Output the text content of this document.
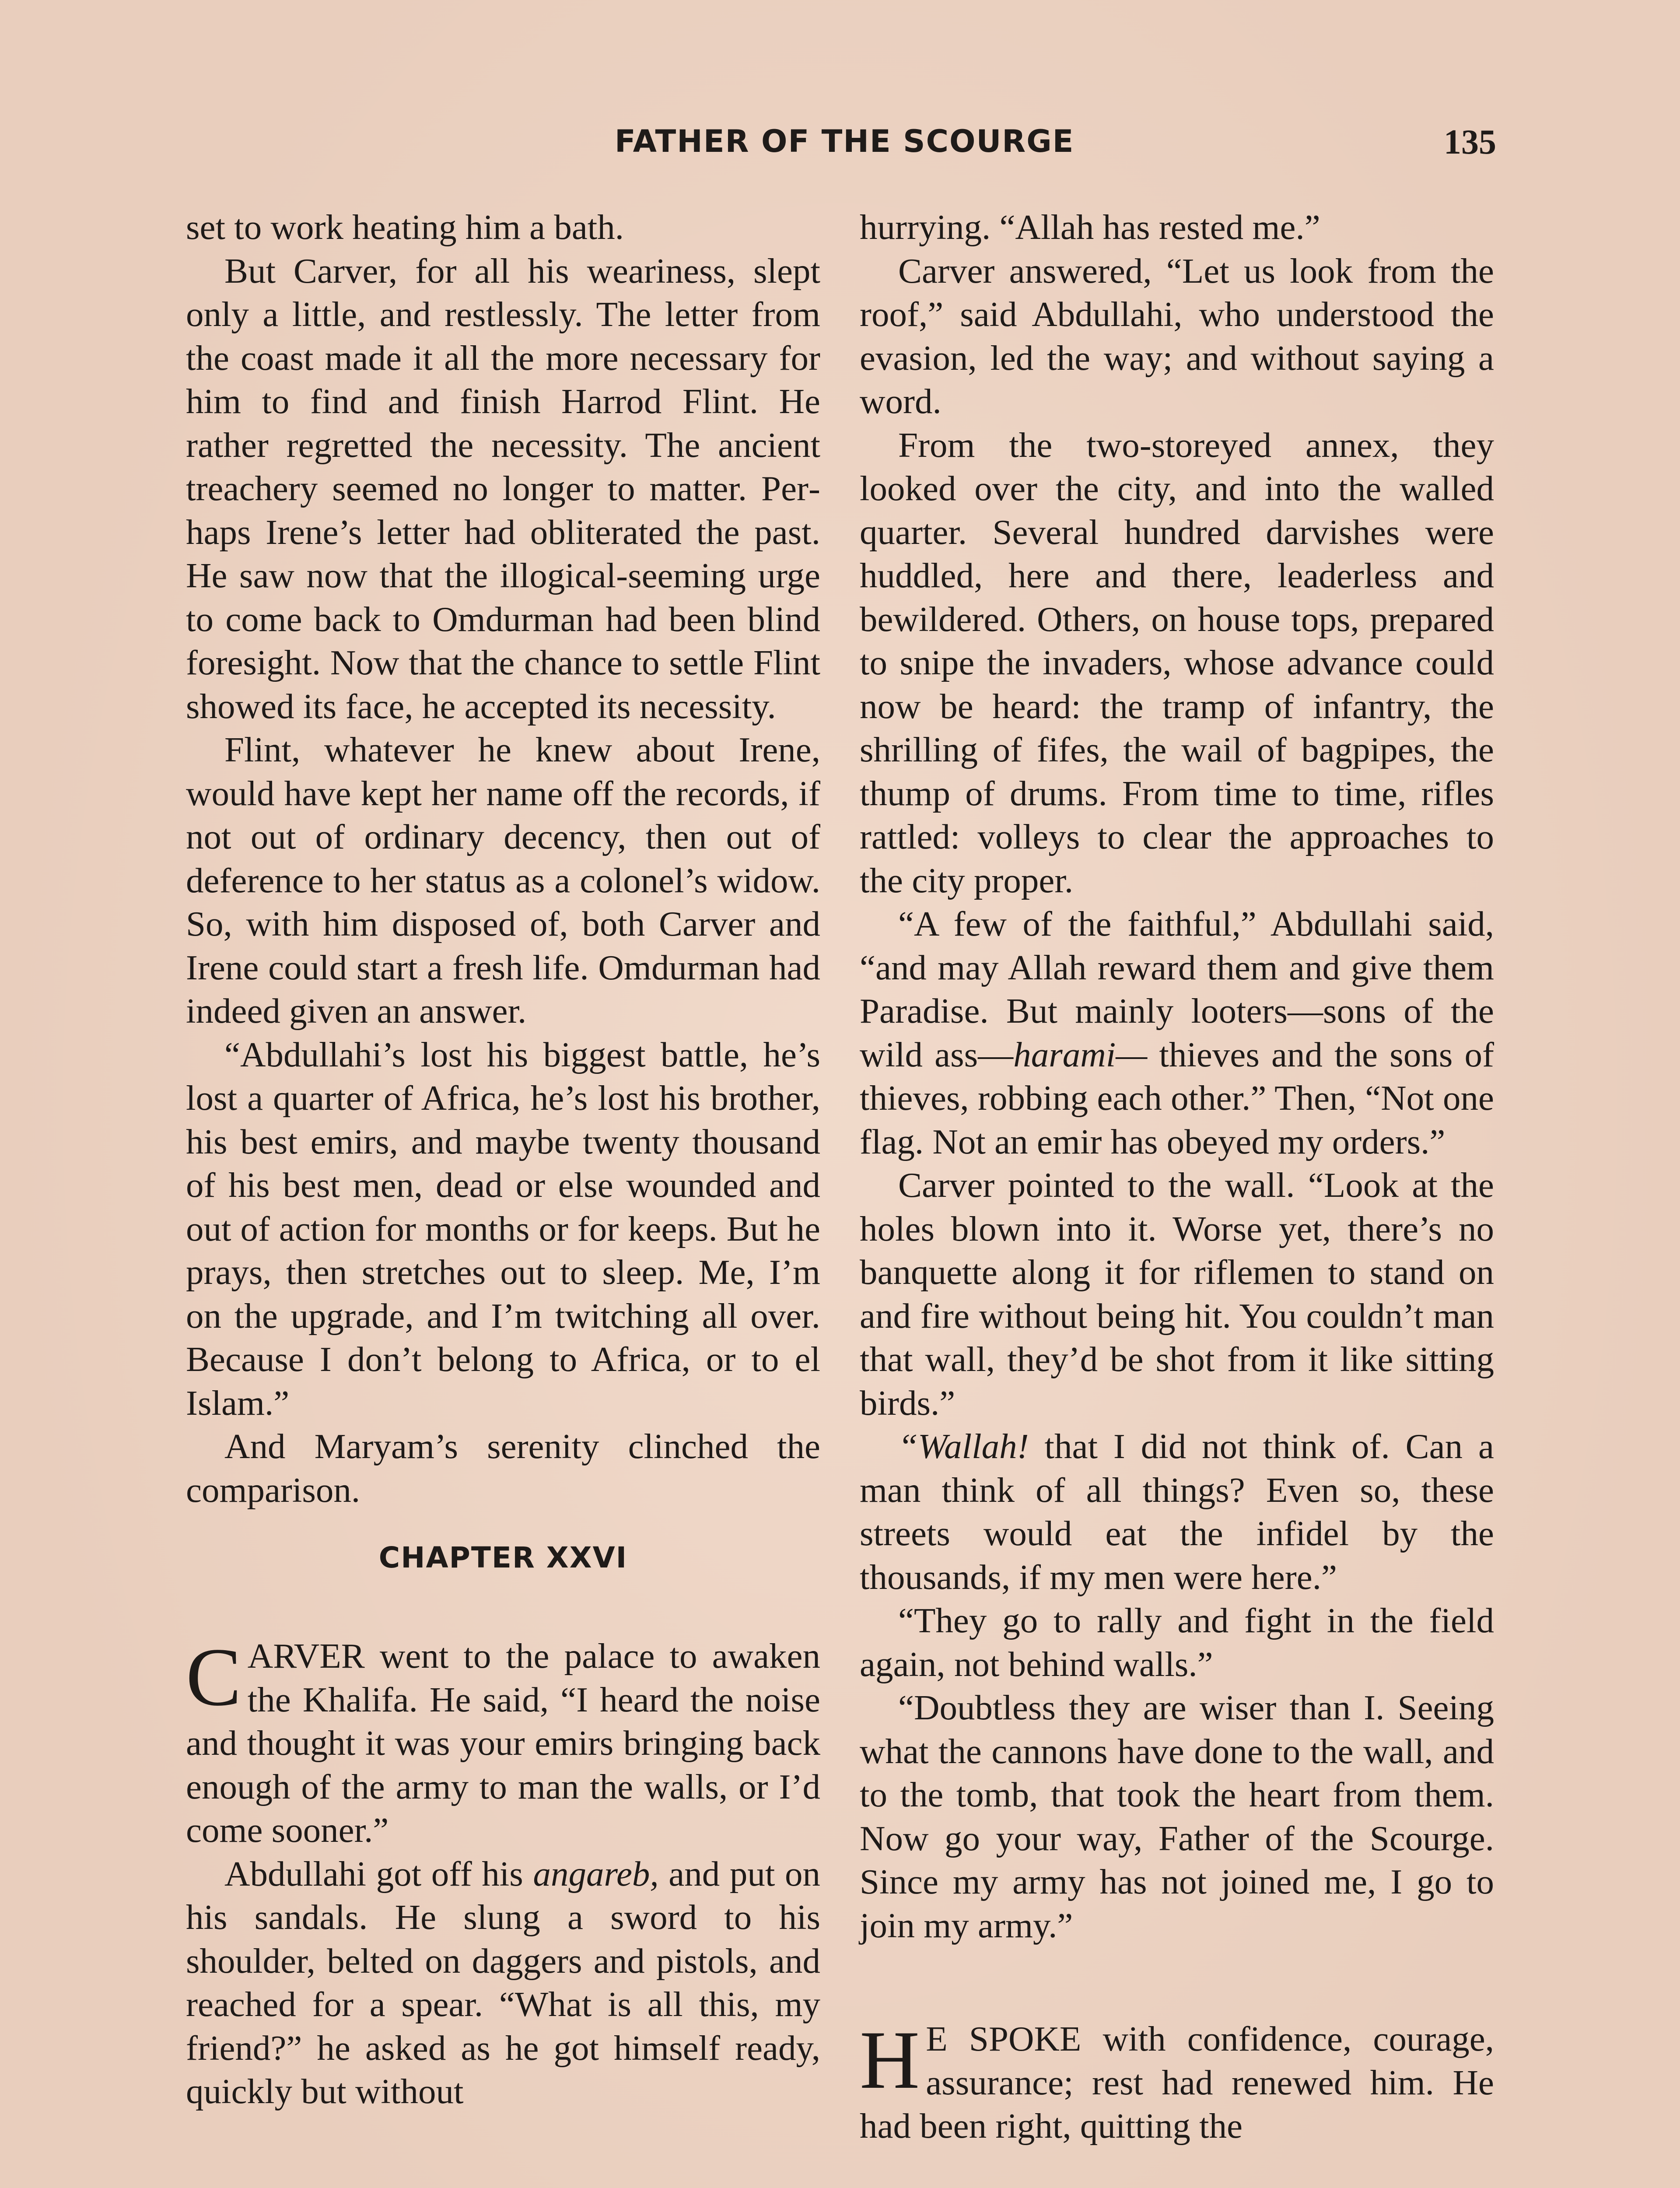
FATHER OF THE SCOURGE	135

set to work heating him a bath.

But Carver, for all his weariness, slept only a little, and restlessly. The letter from the coast made it all the more necessary for him to find and finish Harrod Flint. He rather regretted the necessity. The ancient treachery seemed no longer to matter. Perhaps Irene’s letter had obliterated the past. He saw now that the illogical-seeming urge to come back to Omdurman had been blind foresight. Now that the chance to settle Flint showed its face, he accepted its necessity.

Flint, whatever he knew about Irene, would have kept her name off the records, if not out of ordinary decency, then out of deference to her status as a colonel’s widow. So, with him disposed of, both Carver and Irene could start a fresh life. Omdurman had indeed given an answer.

“Abdullahi’s lost his biggest battle, he’s lost a quarter of Africa, he’s lost his brother, his best emirs, and maybe twenty thousand of his best men, dead or else wounded and out of action for months or for keeps. But he prays, then stretches out to sleep. Me, I’m on the upgrade, and I’m twitching all over. Because I don’t belong to Africa, or to el Islam.”

And Maryam’s serenity clinched the comparison.

CHAPTER XXVI

CARVER went to the palace to awaken the Khalifa. He said, “I heard the noise and thought it was your emirs bringing back enough of the army to man the walls, or I’d come sooner.”

Abdullahi got off his angareb, and put on his sandals. He slung a sword to his shoulder, belted on daggers and pistols, and reached for a spear. “What is all this, my friend?” he asked as he got himself ready, quickly but without

hurrying. “Allah has rested me.”

Carver answered, “Let us look from the roof,” said Abdullahi, who understood the evasion, led the way; and without saying a word.

From the two-storeyed annex, they looked over the city, and into the walled quarter. Several hundred darvishes were huddled, here and there, leaderless and bewildered. Others, on house tops, prepared to snipe the invaders, whose advance could now be heard: the tramp of infantry, the shrilling of fifes, the wail of bagpipes, the thump of drums. From time to time, rifles rattled: volleys to clear the approaches to the city proper.

“A few of the faithful,” Abdullahi said, “and may Allah reward them and give them Paradise. But mainly looters—sons of the wild ass—harami— thieves and the sons of thieves, robbing each other.” Then, “Not one flag. Not an emir has obeyed my orders.”

Carver pointed to the wall. “Look at the holes blown into it. Worse yet, there’s no banquette along it for riflemen to stand on and fire without being hit. You couldn’t man that wall, they’d be shot from it like sitting birds.”

“Wallah! that I did not think of. Can a man think of all things? Even so, these streets would eat the infidel by the thousands, if my men were here.”

“They go to rally and fight in the field again, not behind walls.”

“Doubtless they are wiser than I. Seeing what the cannons have done to the wall, and to the tomb, that took the heart from them. Now go your way, Father of the Scourge. Since my army has not joined me, I go to join my army.”

H E SPOKE with confidence, courage, assurance; rest had renewed him. He had been right, quitting the
